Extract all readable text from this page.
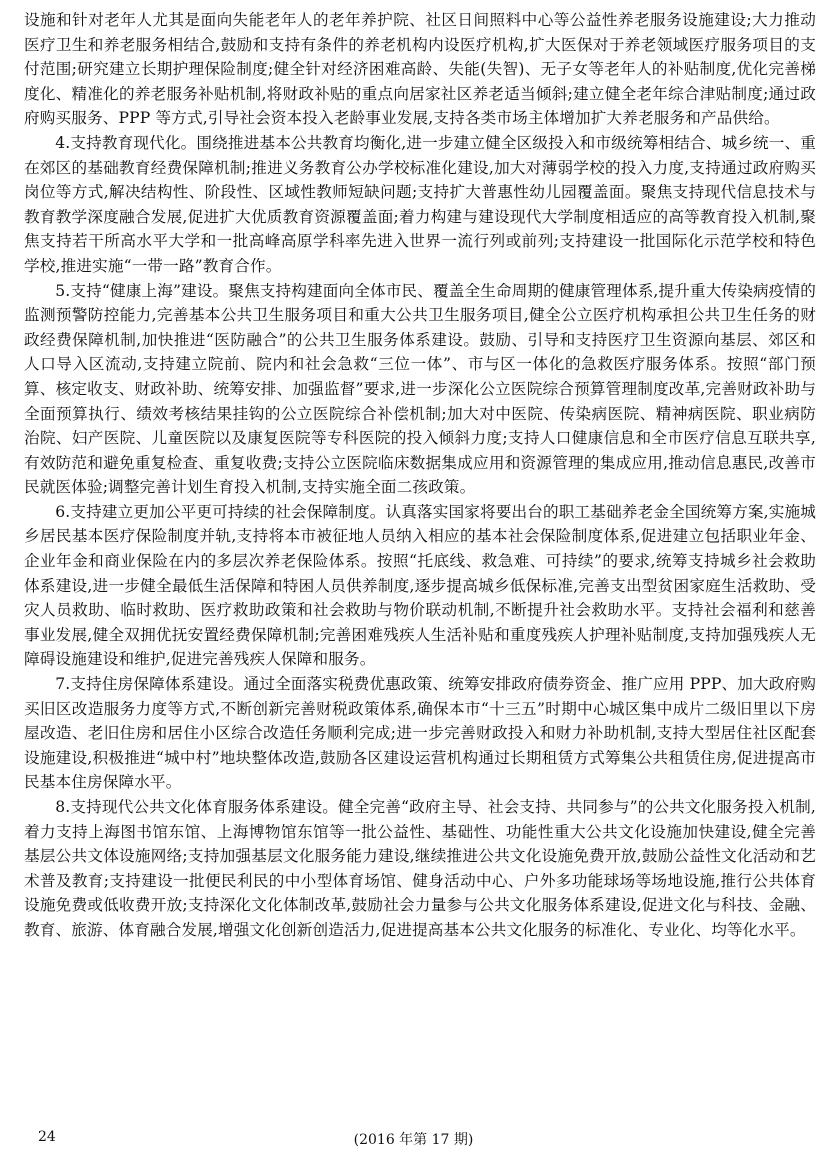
设施和针对老年人尤其是面向失能老年人的老年养护院、社区日间照料中心等公益性养老服务设施建设;大力推动医疗卫生和养老服务相结合,鼓励和支持有条件的养老机构内设医疗机构,扩大医保对于养老领域医疗服务项目的支付范围;研究建立长期护理保险制度;健全针对经济困难高龄、失能(失智)、无子女等老年人的补贴制度,优化完善梯度化、精准化的养老服务补贴机制,将财政补贴的重点向居家社区养老适当倾斜;建立健全老年综合津贴制度;通过政府购买服务、PPP 等方式,引导社会资本投入老龄事业发展,支持各类市场主体增加扩大养老服务和产品供给。

4.支持教育现代化。围绕推进基本公共教育均衡化,进一步建立健全区级投入和市级统筹相结合、城乡统一、重在郊区的基础教育经费保障机制;推进义务教育公办学校标准化建设,加大对薄弱学校的投入力度,支持通过政府购买岗位等方式,解决结构性、阶段性、区域性教师短缺问题;支持扩大普惠性幼儿园覆盖面。聚焦支持现代信息技术与教育教学深度融合发展,促进扩大优质教育资源覆盖面;着力构建与建设现代大学制度相适应的高等教育投入机制,聚焦支持若干所高水平大学和一批高峰高原学科率先进入世界一流行列或前列;支持建设一批国际化示范学校和特色学校,推进实施“一带一路”教育合作。

5.支持“健康上海”建设。聚焦支持构建面向全体市民、覆盖全生命周期的健康管理体系,提升重大传染病疫情的监测预警防控能力,完善基本公共卫生服务项目和重大公共卫生服务项目,健全公立医疗机构承担公共卫生任务的财政经费保障机制,加快推进“医防融合”的公共卫生服务体系建设。鼓励、引导和支持医疗卫生资源向基层、郊区和人口导入区流动,支持建立院前、院内和社会急救“三位一体”、市与区一体化的急救医疗服务体系。按照“部门预算、核定收支、财政补助、统筹安排、加强监督”要求,进一步深化公立医院综合预算管理制度改革,完善财政补助与全面预算执行、绩效考核结果挂钩的公立医院综合补偿机制;加大对中医院、传染病医院、精神病医院、职业病防治院、妇产医院、儿童医院以及康复医院等专科医院的投入倾斜力度;支持人口健康信息和全市医疗信息互联共享,有效防范和避免重复检查、重复收费;支持公立医院临床数据集成应用和资源管理的集成应用,推动信息惠民,改善市民就医体验;调整完善计划生育投入机制,支持实施全面二孩政策。

6.支持建立更加公平更可持续的社会保障制度。认真落实国家将要出台的职工基础养老金全国统筹方案,实施城乡居民基本医疗保险制度并轨,支持将本市被征地人员纳入相应的基本社会保险制度体系,促进建立包括职业年金、企业年金和商业保险在内的多层次养老保险体系。按照“托底线、救急难、可持续”的要求,统筹支持城乡社会救助体系建设,进一步健全最低生活保障和特困人员供养制度,逐步提高城乡低保标准,完善支出型贫困家庭生活救助、受灾人员救助、临时救助、医疗救助政策和社会救助与物价联动机制,不断提升社会救助水平。支持社会福利和慈善事业发展,健全双拥优抚安置经费保障机制;完善困难残疾人生活补贴和重度残疾人护理补贴制度,支持加强残疾人无障碍设施建设和维护,促进完善残疾人保障和服务。

7.支持住房保障体系建设。通过全面落实税费优惠政策、统筹安排政府债券资金、推广应用 PPP、加大政府购买旧区改造服务力度等方式,不断创新完善财税政策体系,确保本市“十三五”时期中心城区集中成片二级旧里以下房屋改造、老旧住房和居住小区综合改造任务顺利完成;进一步完善财政投入和财力补助机制,支持大型居住社区配套设施建设,积极推进“城中村”地块整体改造,鼓励各区建设运营机构通过长期租赁方式筹集公共租赁住房,促进提高市民基本住房保障水平。

8.支持现代公共文化体育服务体系建设。健全完善“政府主导、社会支持、共同参与”的公共文化服务投入机制,着力支持上海图书馆东馆、上海博物馆东馆等一批公益性、基础性、功能性重大公共文化设施加快建设,健全完善基层公共文体设施网络;支持加强基层文化服务能力建设,继续推进公共文化设施免费开放,鼓励公益性文化活动和艺术普及教育;支持建设一批便民利民的中小型体育场馆、健身活动中心、户外多功能球场等场地设施,推行公共体育设施免费或低收费开放;支持深化文化体制改革,鼓励社会力量参与公共文化服务体系建设,促进文化与科技、金融、教育、旅游、体育融合发展,增强文化创新创造活力,促进提高基本公共文化服务的标准化、专业化、均等化水平。

24	(2016 年第 17 期)
